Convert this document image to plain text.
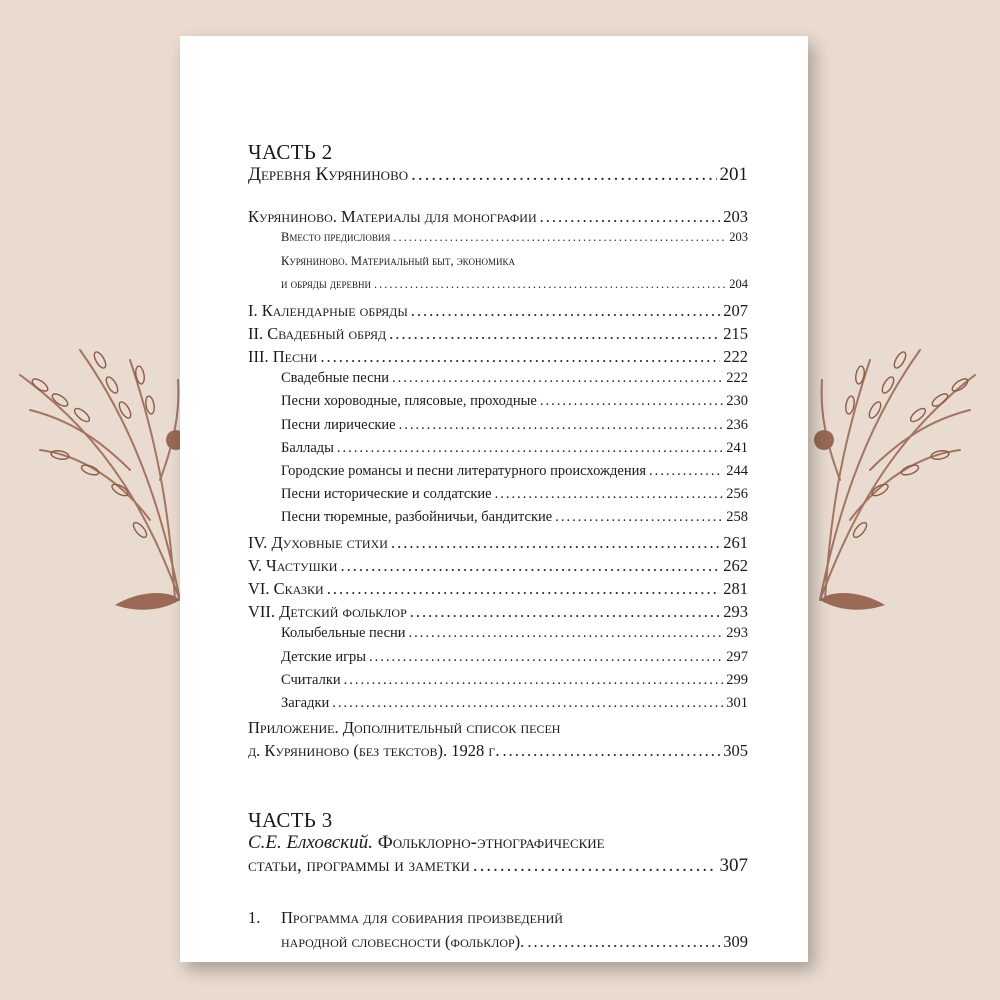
ЧАСТЬ 2
Деревня Куряниново .....	201
Куряниново. Материалы для монографии .....	203
Вместо предисловия .....	203
Куряниново. Материальный быт, экономика
и обряды деревни .....	204
I. Календарные обряды .....	207
II. Свадебный обряд .....	215
III. Песни .....	222
Свадебные песни .....	222
Песни хороводные, плясовые, проходные .....	230
Песни лирические .....	236
Баллады .....	241
Городские романсы и песни литературного происхождения .....	244
Песни исторические и солдатские .....	256
Песни тюремные, разбойничьи, бандитские .....	258
IV. Духовные стихи .....	261
V. Частушки .....	262
VI. Сказки .....	281
VII. Детский фольклор .....	293
Колыбельные песни .....	293
Детские игры .....	297
Считалки .....	299
Загадки .....	301
Приложение. Дополнительный список песен
д. Куряниново (без текстов). 1928 г. .....	305
ЧАСТЬ 3
С.Е. Елховский. Фольклорно-этнографические
статьи, программы и заметки .....	307
1. Программа для собирания произведений
народной словесности (фольклор). .....	309
